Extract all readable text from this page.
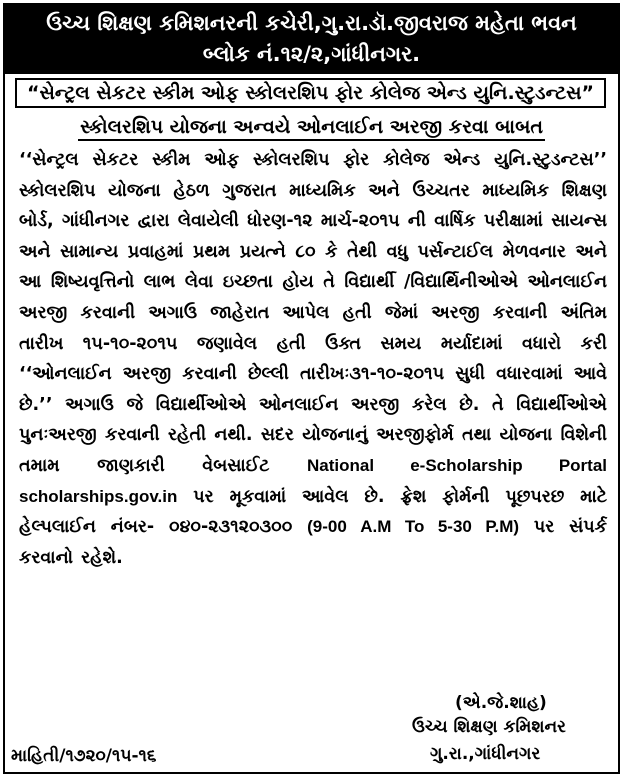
ઉચ્ચ શિક્ષણ કમિશનરની કચેરી,ગુ.રા.ડૉ.જીવરાજ મહેતા ભવન
બ્લોક નં.૧૨/૨,ગાંધીનગર.
“સેન્ટ્રલ સેકટર સ્કીમ ઓફ સ્કોલરશિપ ફોર કોલેજ એન્ડ યુનિ.સ્ટુડન્ટસ”
સ્કોલરશિપ યોજના અન્વયે ઓનલાઈન અરજી કરવા બાબત
‘‘સેન્ટ્રલ સેકટર સ્કીમ ઓફ સ્કોલરશિપ ફોર કોલેજ એન્ડ યુનિ.સ્ટુડન્ટસ’’ સ્કોલરશિપ યોજના હેઠળ ગુજરાત માધ્યમિક અને ઉચ્ચતર માધ્યમિક શિક્ષણ બોર્ડ, ગાંધીનગર દ્વારા લેવાયેલી ધોરણ-૧૨ માર્ચ-૨૦૧૫ ની વાર્ષિક પરીક્ષામાં સાયન્સ અને સામાન્ય પ્રવાહમાં પ્રથમ પ્રયત્ને ૮૦ કે તેથી વધુ પર્સન્ટાઈલ મેળવનાર અને આ શિષ્યવૃત્તિનો લાભ લેવા ઇચ્છતા હોય તે વિદ્યાર્થી /વિદ્યાર્થિનીઓએ ઓનલાઈન અરજી કરવાની અગાઉ જાહેરાત આપેલ હતી જેમાં અરજી કરવાની અંતિમ તારીખ ૧૫-૧૦-૨૦૧૫ જણાવેલ હતી ઉક્ત સમય મર્યાદામાં વધારો કરી ‘‘ઓનલાઈન અરજી કરવાની છેલ્લી તારીખઃ૩૧-૧૦-૨૦૧૫ સુધી વધારવામાં આવે છે.’’ અગાઉ જે વિદ્યાર્થીઓએ ઓનલાઈન અરજી કરેલ છે. તે વિદ્યાર્થીઓએ પુનઃઅરજી કરવાની રહેતી નથી. સદર યોજનાનું અરજીફોર્મ તથા યોજના વિશેની તમામ જાણકારી વેબસાઈટ National e-Scholarship Portal scholarships.gov.in પર મૂકવામાં આવેલ છે. ફ્રેશ ફોર્મની પૂછપરછ માટે હેલ્પલાઈન નંબર- ૦૪૦-૨૩૧૨૦૩૦૦ (9-00 A.M To 5-30 P.M) પર સંપર્ક કરવાનો રહેશે.
(એ.જે.શાહ)
ઉચ્ચ શિક્ષણ કમિશનર
ગુ.રા.,ગાંધીનગર
માહિતી/૧૭૨૦/૧૫-૧૬
